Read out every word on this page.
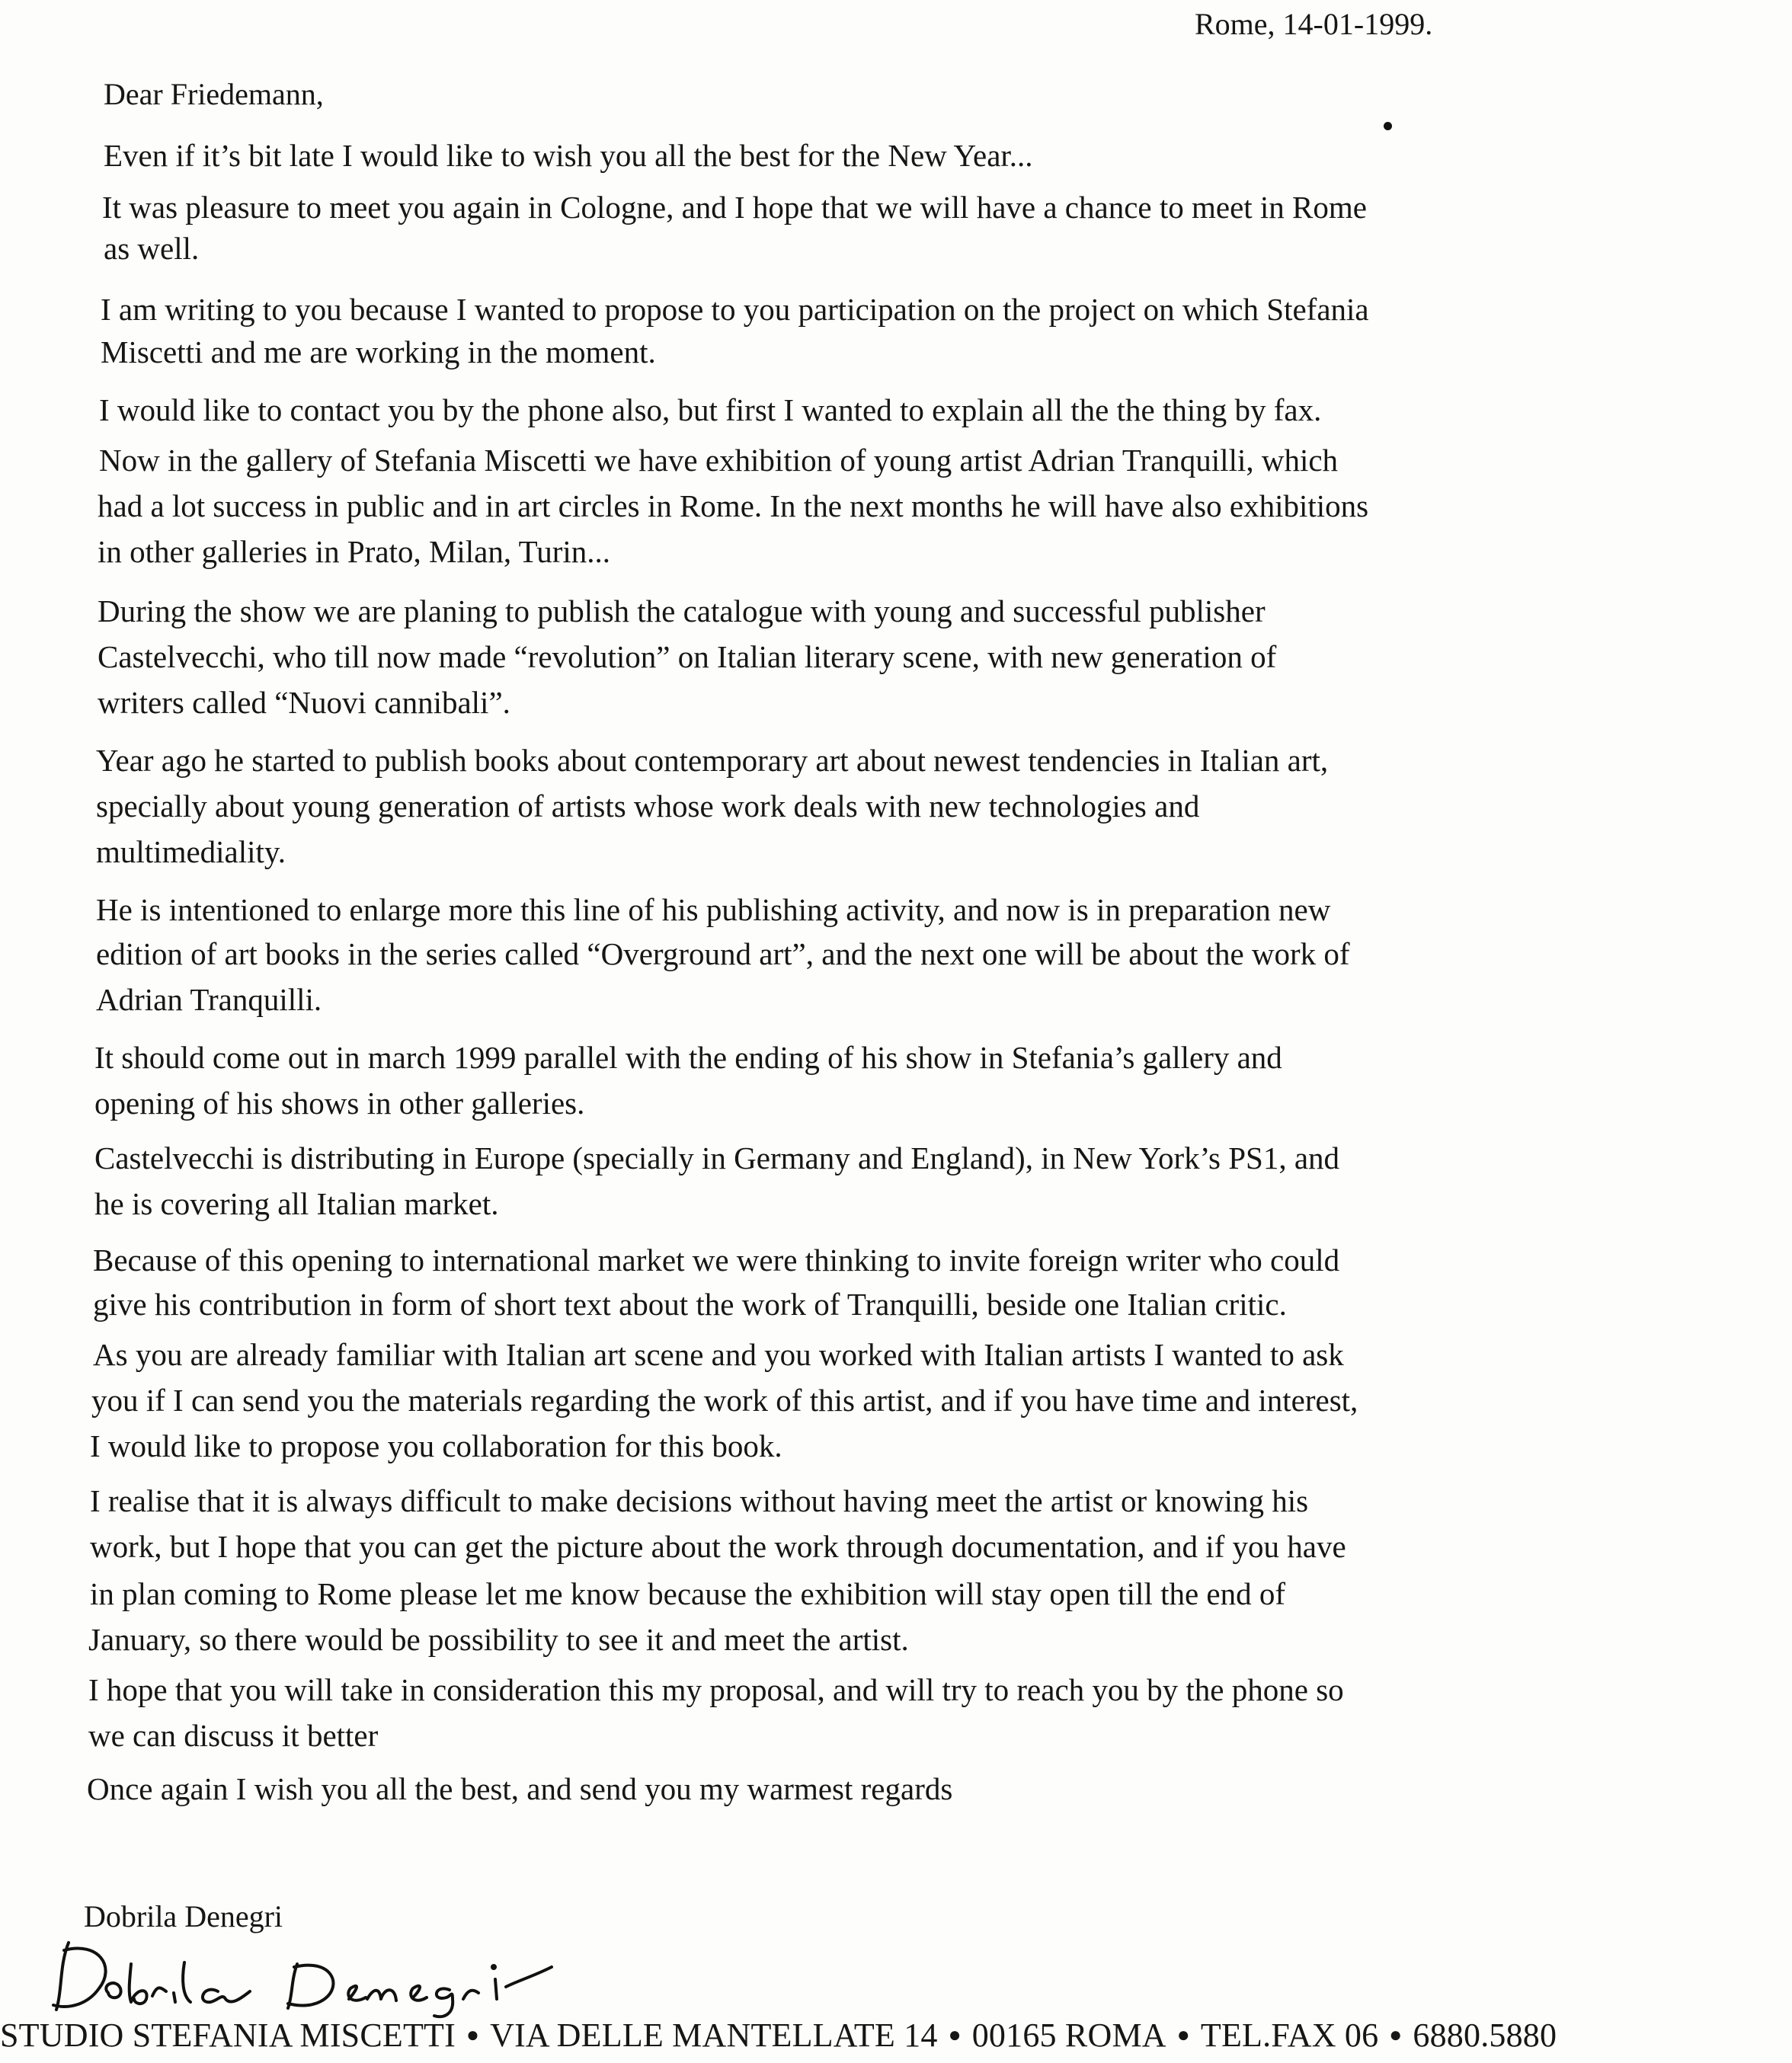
Rome, 14-01-1999.
Dear Friedemann,
Even if it’s bit late I would like to wish you all the best for the New Year...
It was pleasure to meet you again in Cologne, and I hope that we will have a chance to meet in Rome
as well.
I am writing to you because I wanted to propose to you participation on the project on which Stefania
Miscetti and me are working in the moment.
I would like to contact you by the phone also, but first I wanted to explain all the the thing by fax.
Now in the gallery of Stefania Miscetti we have exhibition of young artist Adrian Tranquilli, which
had a lot success in public and in art circles in Rome. In the next months he will have also exhibitions
in other galleries in Prato, Milan, Turin...
During the show we are planing to publish the catalogue with young and successful publisher
Castelvecchi, who till now made “revolution” on Italian literary scene, with new generation of
writers called “Nuovi cannibali”.
Year ago he started to publish books about contemporary art about newest tendencies in Italian art,
specially about young generation of artists whose work deals with new technologies and
multimediality.
He is intentioned to enlarge more this line of his publishing activity, and now is in preparation new
edition of art books in the series called “Overground art”, and the next one will be about the work of
Adrian Tranquilli.
It should come out in march 1999 parallel with the ending of his show in Stefania’s gallery and
opening of his shows in other galleries.
Castelvecchi is distributing in Europe (specially in Germany and England), in New York’s PS1, and
he is covering all Italian market.
Because of this opening to international market we were thinking to invite foreign writer who could
give his contribution in form of short text about the work of Tranquilli, beside one Italian critic.
As you are already familiar with Italian art scene and you worked with Italian artists I wanted to ask
you if I can send you the materials regarding the work of this artist, and if you have time and interest,
I would like to propose you collaboration for this book.
I realise that it is always difficult to make decisions without having meet the artist or knowing his
work, but I hope that you can get the picture about the work through documentation, and if you have
in plan coming to Rome please let me know because the exhibition will stay open till the end of
January, so there would be possibility to see it and meet the artist.
I hope that you will take in consideration this my proposal, and will try to reach you by the phone so
we can discuss it better
Once again I wish you all the best, and send you my warmest regards
Dobrila Denegri
STUDIO STEFANIA MISCETTI ● VIA DELLE MANTELLATE 14 ● 00165 ROMA ● TEL.FAX 06 ● 6880.5880
